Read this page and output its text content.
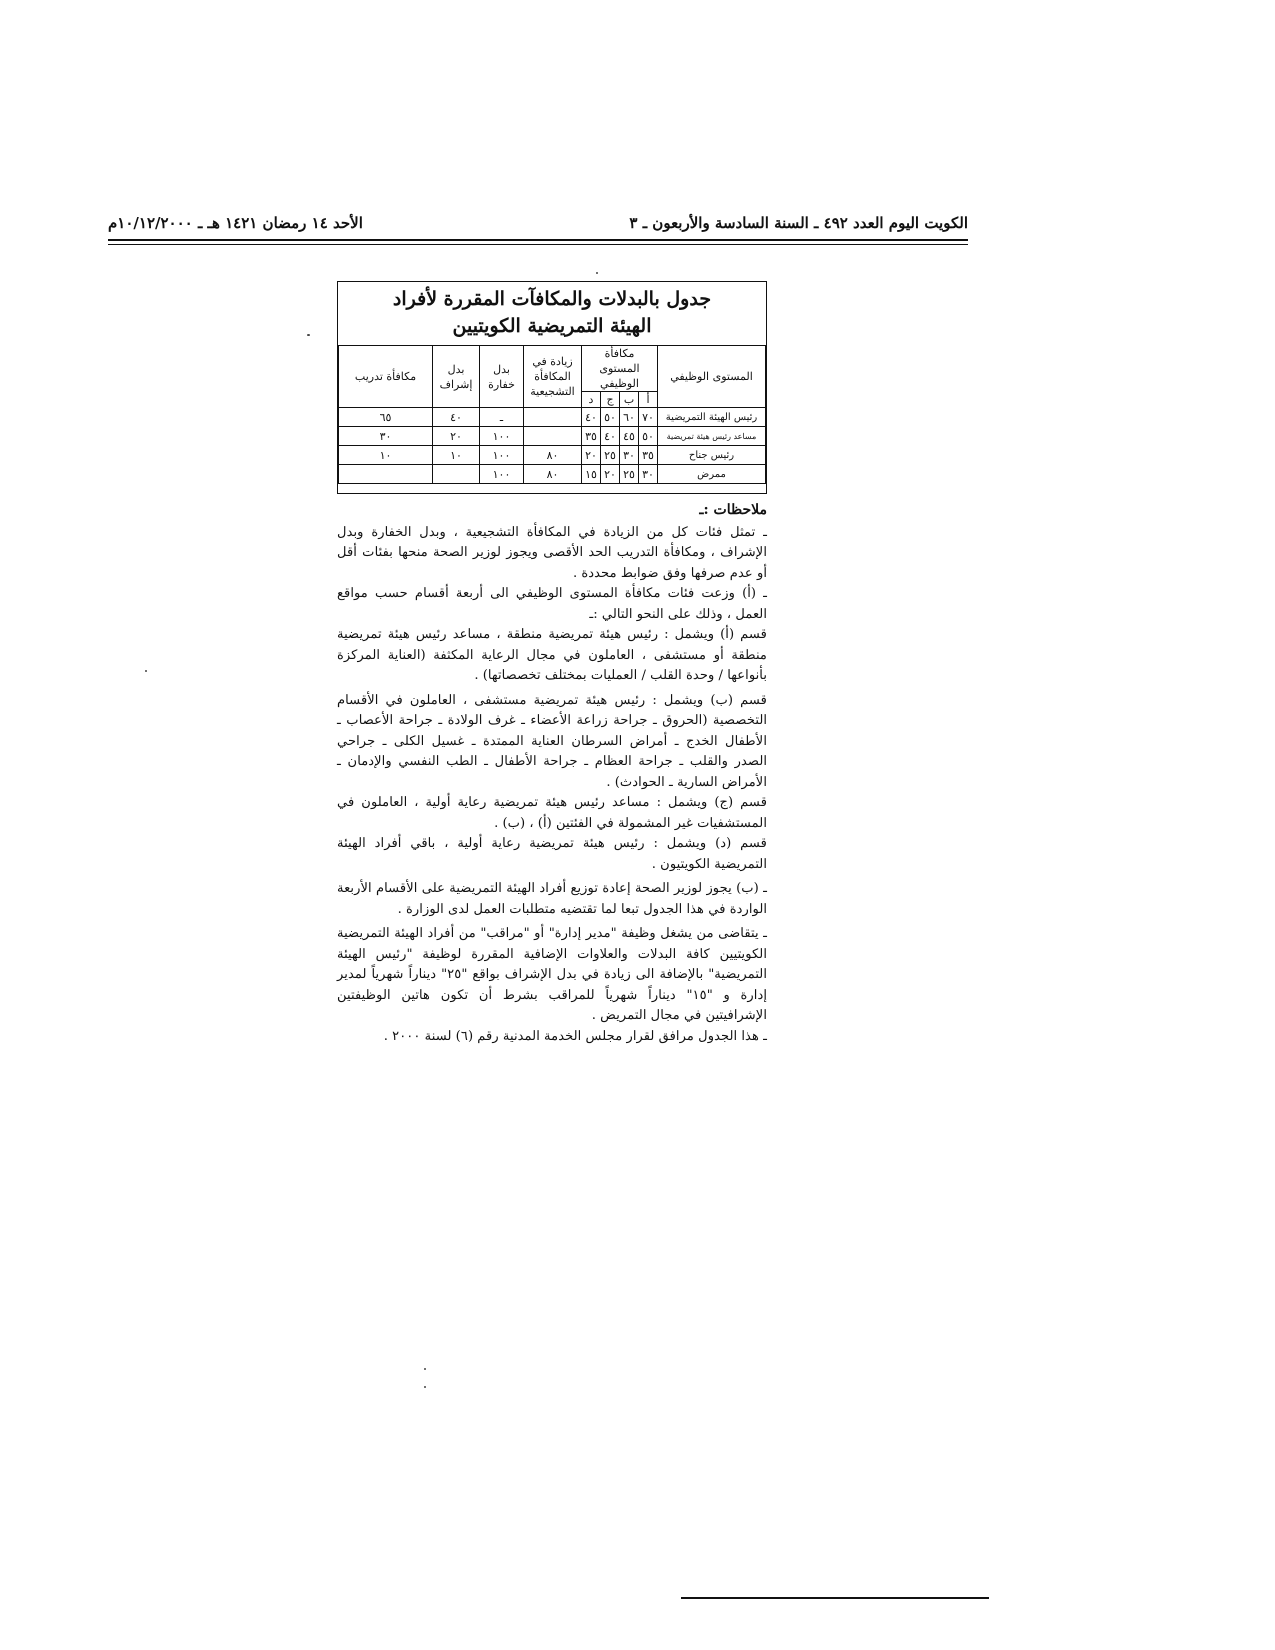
الكويت اليوم العدد ٤٩٢ ـ السنة السادسة والأربعون ـ ٣
الأحد ١٤ رمضان ١٤٢١ هـ ـ ١٠/١٢/٢٠٠٠م
جدول بالبدلات والمكافآت المقررة لأفراد
الهيئة التمريضية الكويتيين
المستوى الوظيفي	مكافأة المستوى الوظيفي				زيادة في المكافأة التشجيعية	بدل خفارة	بدل إشراف	مكافأة تدريب
	أ	ب	ج	د				
رئيس الهيئة التمريضية	٧٠	٦٠	٥٠	٤٠		ـ	٤٠	٦٥
مساعد رئيس هيئة تمريضية	٥٠	٤٥	٤٠	٣٥		١٠٠	٢٠	٣٠
رئيس جناح	٣٥	٣٠	٢٥	٢٠	٨٠	١٠٠	١٠	١٠
ممرض	٣٠	٢٥	٢٠	١٥	٨٠	١٠٠		

ملاحظات :ـ

ـ تمثل فئات كل من الزيادة في المكافأة التشجيعية ، وبدل الخفارة وبدل الإشراف ، ومكافأة التدريب الحد الأقصى ويجوز لوزير الصحة منحها بفئات أقل أو عدم صرفها وفق ضوابط محددة .

ـ (أ) وزعت فئات مكافأة المستوى الوظيفي الى أربعة أقسام حسب مواقع العمل ، وذلك على النحو التالي :ـ

قسم (أ) ويشمل : رئيس هيئة تمريضية منطقة ، مساعد رئيس هيئة تمريضية منطقة أو مستشفى ، العاملون في مجال الرعاية المكثفة (العناية المركزة بأنواعها / وحدة القلب / العمليات بمختلف تخصصاتها) .

قسم (ب) ويشمل : رئيس هيئة تمريضية مستشفى ، العاملون في الأقسام التخصصية (الحروق ـ جراحة زراعة الأعضاء ـ غرف الولادة ـ جراحة الأعصاب ـ الأطفال الخدج ـ أمراض السرطان العناية الممتدة ـ غسيل الكلى ـ جراحي الصدر والقلب ـ جراحة العظام ـ جراحة الأطفال ـ الطب النفسي والإدمان ـ الأمراض السارية ـ الحوادث) .

قسم (ج) ويشمل : مساعد رئيس هيئة تمريضية رعاية أولية ، العاملون في المستشفيات غير المشمولة في الفئتين (أ) ، (ب) .

قسم (د) ويشمل : رئيس هيئة تمريضية رعاية أولية ، باقي أفراد الهيئة التمريضية الكويتيون .

ـ (ب) يجوز لوزير الصحة إعادة توزيع أفراد الهيئة التمريضية على الأقسام الأربعة الواردة في هذا الجدول تبعا لما تقتضيه متطلبات العمل لدى الوزارة .

ـ يتقاضى من يشغل وظيفة "مدير إدارة" أو "مراقب" من أفراد الهيئة التمريضية الكويتيين كافة البدلات والعلاوات الإضافية المقررة لوظيفة "رئيس الهيئة التمريضية" بالإضافة الى زيادة في بدل الإشراف بواقع "٢٥" ديناراً شهرياً لمدير إدارة و "١٥" ديناراً شهرياً للمراقب بشرط أن تكون هاتين الوظيفتين الإشرافيتين في مجال التمريض .

ـ هذا الجدول مرافق لقرار مجلس الخدمة المدنية رقم (٦) لسنة ٢٠٠٠ .
